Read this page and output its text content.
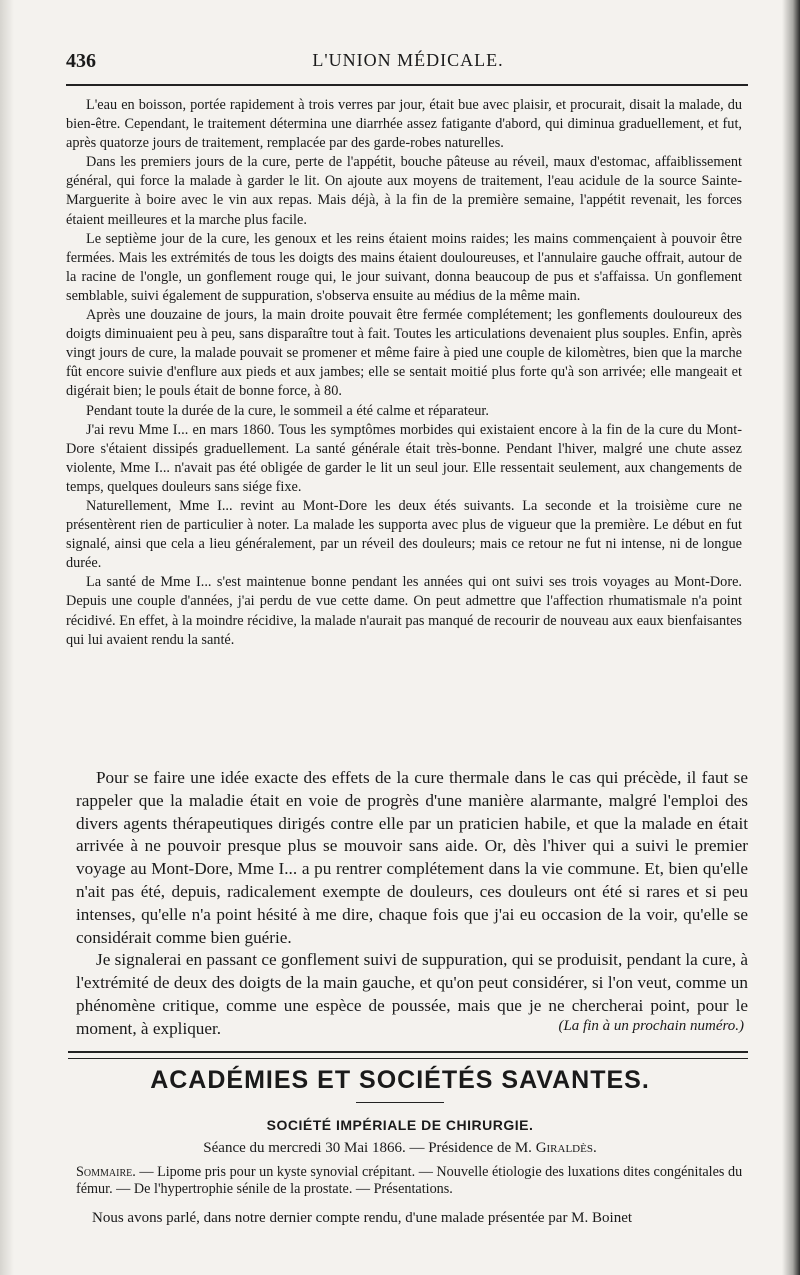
436	L'UNION MÉDICALE.

L'eau en boisson, portée rapidement à trois verres par jour, était bue avec plaisir, et procurait, disait la malade, du bien-être. Cependant, le traitement détermina une diarrhée assez fatigante d'abord, qui diminua graduellement, et fut, après quatorze jours de traitement, remplacée par des garde-robes naturelles.

Dans les premiers jours de la cure, perte de l'appétit, bouche pâteuse au réveil, maux d'estomac, affaiblissement général, qui force la malade à garder le lit. On ajoute aux moyens de traitement, l'eau acidule de la source Sainte-Marguerite à boire avec le vin aux repas. Mais déjà, à la fin de la première semaine, l'appétit revenait, les forces étaient meilleures et la marche plus facile.

Le septième jour de la cure, les genoux et les reins étaient moins raides; les mains commençaient à pouvoir être fermées. Mais les extrémités de tous les doigts des mains étaient douloureuses, et l'annulaire gauche offrait, autour de la racine de l'ongle, un gonflement rouge qui, le jour suivant, donna beaucoup de pus et s'affaissa. Un gonflement semblable, suivi également de suppuration, s'observa ensuite au médius de la même main.

Après une douzaine de jours, la main droite pouvait être fermée complétement; les gonflements douloureux des doigts diminuaient peu à peu, sans disparaître tout à fait. Toutes les articulations devenaient plus souples. Enfin, après vingt jours de cure, la malade pouvait se promener et même faire à pied une couple de kilomètres, bien que la marche fût encore suivie d'enflure aux pieds et aux jambes; elle se sentait moitié plus forte qu'à son arrivée; elle mangeait et digérait bien; le pouls était de bonne force, à 80.

Pendant toute la durée de la cure, le sommeil a été calme et réparateur.

J'ai revu Mme I... en mars 1860. Tous les symptômes morbides qui existaient encore à la fin de la cure du Mont-Dore s'étaient dissipés graduellement. La santé générale était très-bonne. Pendant l'hiver, malgré une chute assez violente, Mme I... n'avait pas été obligée de garder le lit un seul jour. Elle ressentait seulement, aux changements de temps, quelques douleurs sans siége fixe.

Naturellement, Mme I... revint au Mont-Dore les deux étés suivants. La seconde et la troisième cure ne présentèrent rien de particulier à noter. La malade les supporta avec plus de vigueur que la première. Le début en fut signalé, ainsi que cela a lieu généralement, par un réveil des douleurs; mais ce retour ne fut ni intense, ni de longue durée.

La santé de Mme I... s'est maintenue bonne pendant les années qui ont suivi ses trois voyages au Mont-Dore. Depuis une couple d'années, j'ai perdu de vue cette dame. On peut admettre que l'affection rhumatismale n'a point récidivé. En effet, à la moindre récidive, la malade n'aurait pas manqué de recourir de nouveau aux eaux bienfaisantes qui lui avaient rendu la santé.

Pour se faire une idée exacte des effets de la cure thermale dans le cas qui précède, il faut se rappeler que la maladie était en voie de progrès d'une manière alarmante, malgré l'emploi des divers agents thérapeutiques dirigés contre elle par un praticien habile, et que la malade en était arrivée à ne pouvoir presque plus se mouvoir sans aide. Or, dès l'hiver qui a suivi le premier voyage au Mont-Dore, Mme I... a pu rentrer complétement dans la vie commune. Et, bien qu'elle n'ait pas été, depuis, radicalement exempte de douleurs, ces douleurs ont été si rares et si peu intenses, qu'elle n'a point hésité à me dire, chaque fois que j'ai eu occasion de la voir, qu'elle se considérait comme bien guérie.

Je signalerai en passant ce gonflement suivi de suppuration, qui se produisit, pendant la cure, à l'extrémité de deux des doigts de la main gauche, et qu'on peut considérer, si l'on veut, comme un phénomène critique, comme une espèce de poussée, mais que je ne chercherai point, pour le moment, à expliquer.	(La fin à un prochain numéro.)
ACADÉMIES ET SOCIÉTÉS SAVANTES.
SOCIÉTÉ IMPÉRIALE DE CHIRURGIE.
Séance du mercredi 30 Mai 1866. — Présidence de M. Giraldès.
Sommaire. — Lipome pris pour un kyste synovial crépitant. — Nouvelle étiologie des luxations dites congénitales du fémur. — De l'hypertrophie sénile de la prostate. — Présentations.
Nous avons parlé, dans notre dernier compte rendu, d'une malade présentée par M. Boinet
